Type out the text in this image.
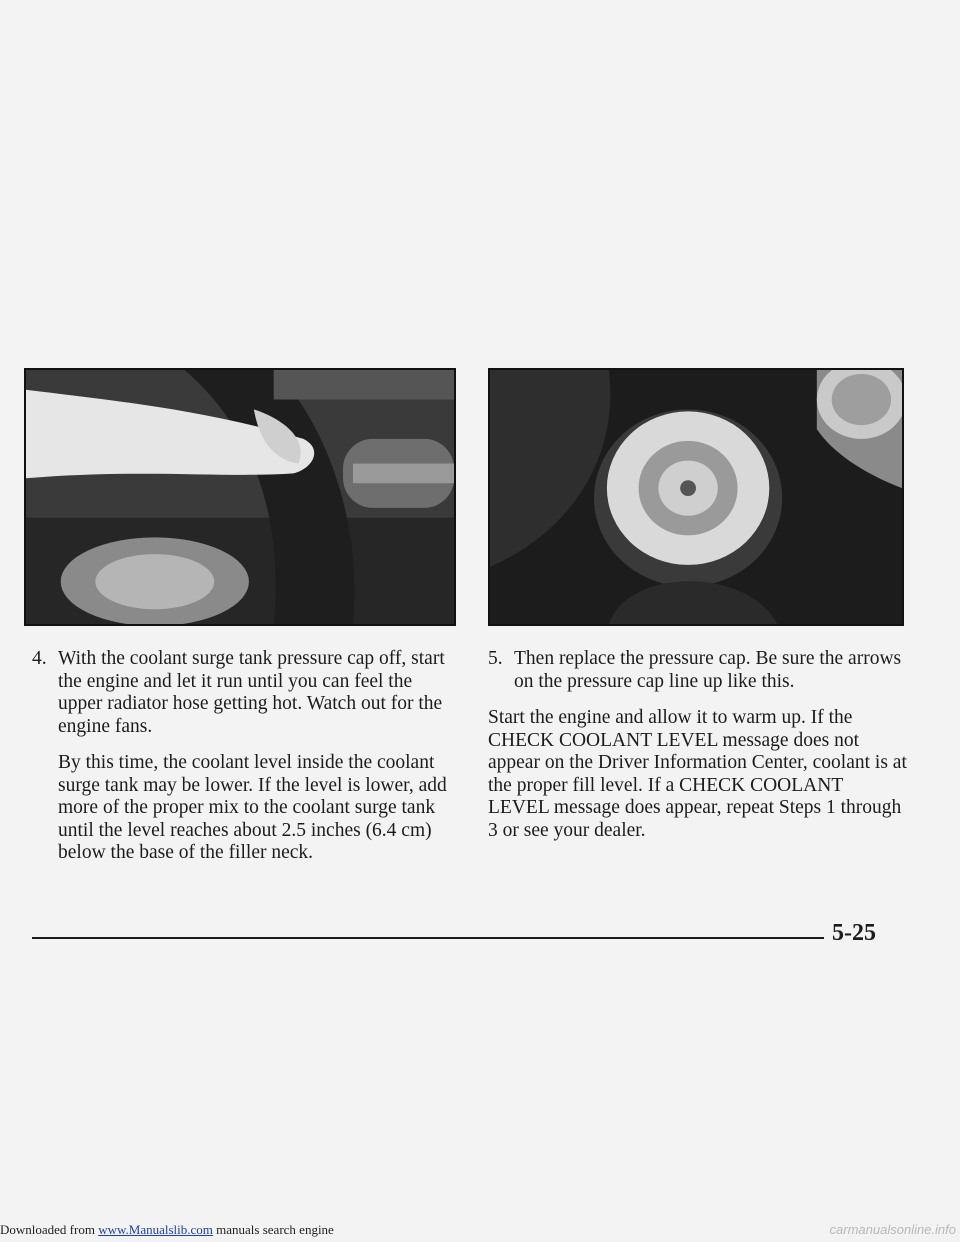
4. With the coolant surge tank pressure cap off, start the engine and let it run until you can feel the upper radiator hose getting hot. Watch out for the engine fans.
By this time, the coolant level inside the coolant surge tank may be lower. If the level is lower, add more of the proper mix to the coolant surge tank until the level reaches about 2.5 inches (6.4 cm) below the base of the filler neck.
5. Then replace the pressure cap. Be sure the arrows on the pressure cap line up like this.
Start the engine and allow it to warm up. If the CHECK COOLANT LEVEL message does not appear on the Driver Information Center, coolant is at the proper fill level. If a CHECK COOLANT LEVEL message does appear, repeat Steps 1 through 3 or see your dealer.
5-25
Downloaded from www.Manualslib.com manuals search engine	carmanualsonline.info
